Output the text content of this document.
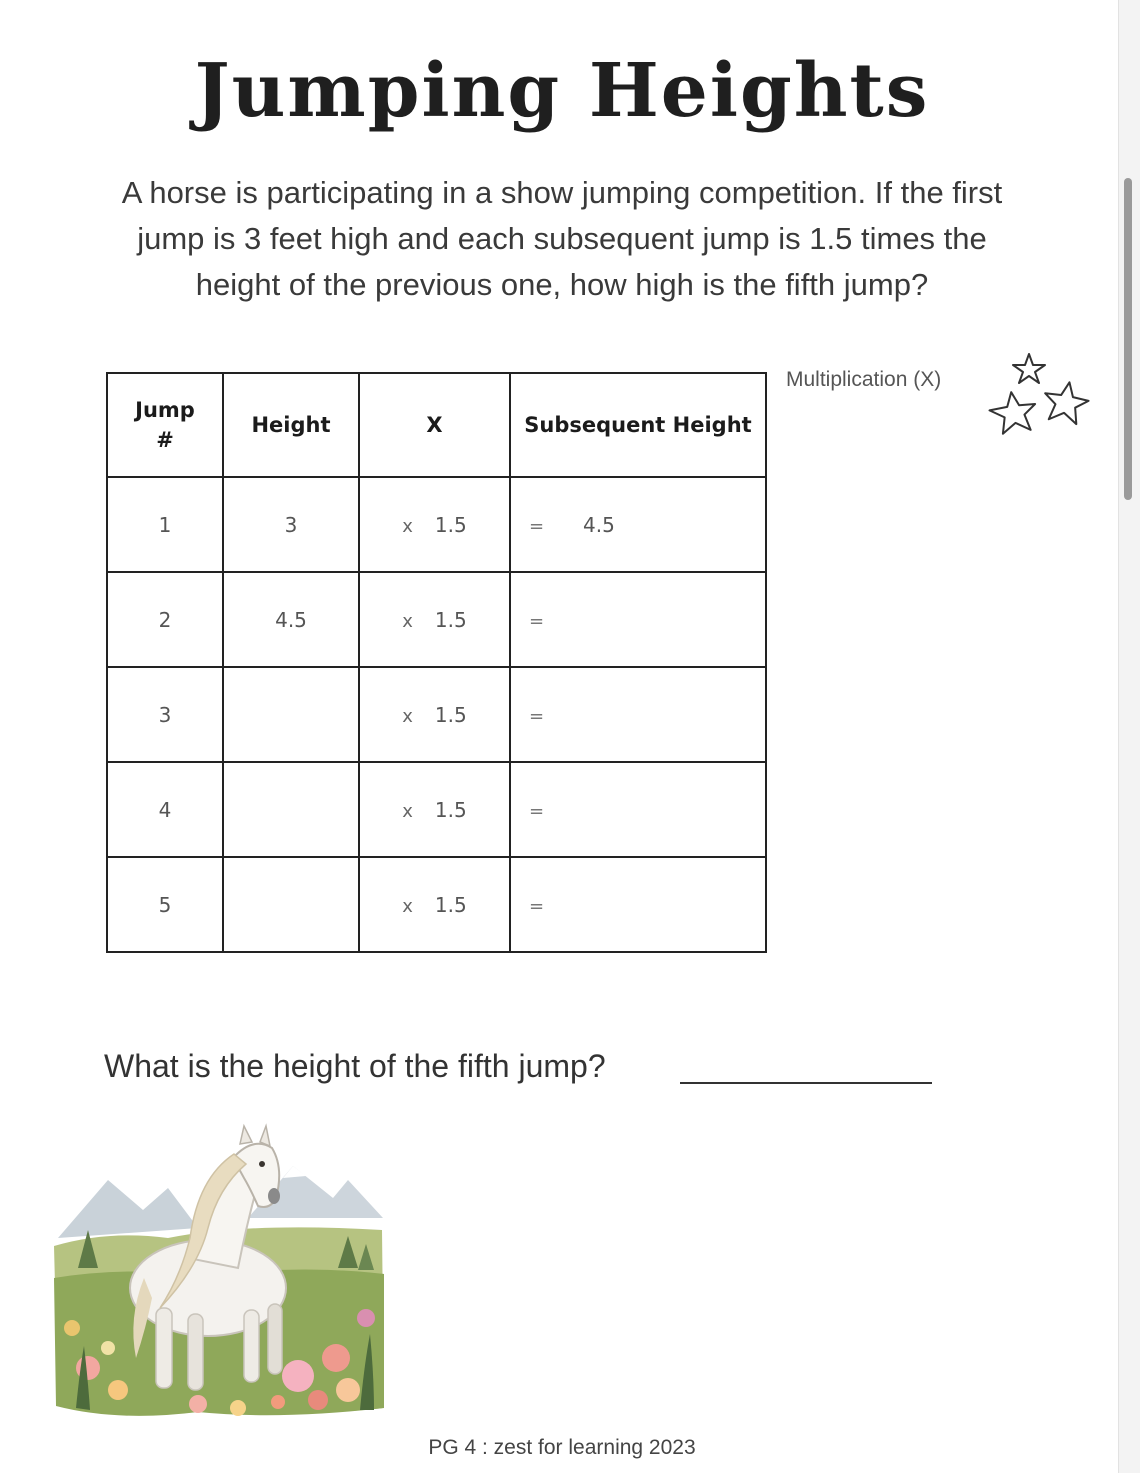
Jumping Heights
A horse is participating in a show jumping competition. If the first jump is 3 feet high and each subsequent jump is 1.5 times the height of the previous one, how high is the fifth jump?
Jump #	Height	X	Subsequent Height
1	3	x 1.5	= 4.5
2	4.5	x 1.5	=
3		x 1.5	=
4		x 1.5	=
5		x 1.5	=
Multiplication (X)
What is the height of the fifth jump?
PG 4 : zest for learning 2023
